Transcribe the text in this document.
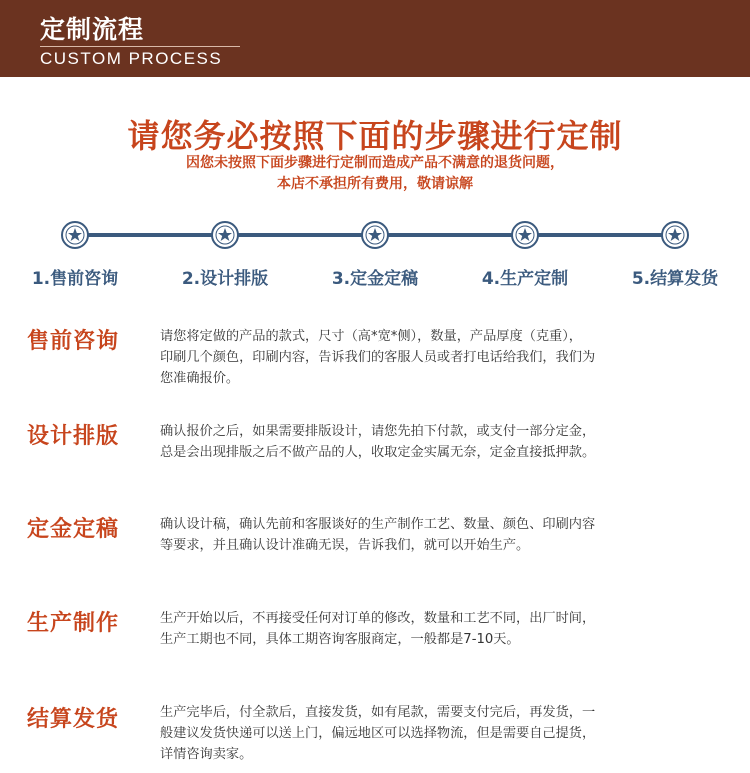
定制流程
CUSTOM PROCESS
请您务必按照下面的步骤进行定制
因您未按照下面步骤进行定制而造成产品不满意的退货问题，
本店不承担所有费用，敬请谅解
1.售前咨询	2.设计排版	3.定金定稿	4.生产定制	5.结算发货
售前咨询	请您将定做的产品的款式，尺寸（高*宽*侧），数量，产品厚度（克重），
印刷几个颜色，印刷内容，告诉我们的客服人员或者打电话给我们，我们为
您准确报价。
设计排版	确认报价之后，如果需要排版设计，请您先拍下付款，或支付一部分定金，
总是会出现排版之后不做产品的人，收取定金实属无奈，定金直接抵押款。
定金定稿	确认设计稿，确认先前和客服谈好的生产制作工艺、数量、颜色、印刷内容
等要求，并且确认设计准确无误，告诉我们，就可以开始生产。
生产制作	生产开始以后，不再接受任何对订单的修改，数量和工艺不同，出厂时间，
生产工期也不同，具体工期咨询客服商定，一般都是7-10天。
结算发货	生产完毕后，付全款后，直接发货，如有尾款，需要支付完后，再发货，一
般建议发货快递可以送上门，偏远地区可以选择物流，但是需要自己提货，
详情咨询卖家。
